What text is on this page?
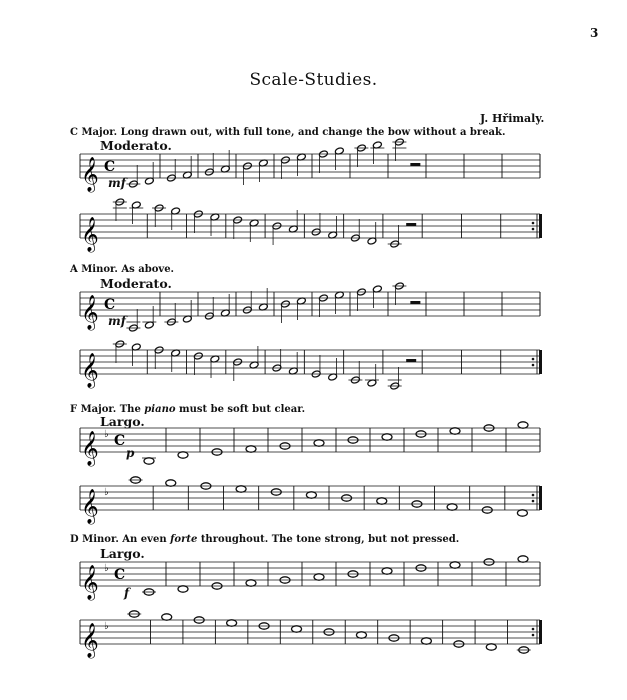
3
Scale-Studies.
J. Hřimaly.
C Major. Long drawn out, with full tone, and change the bow without a break.
Moderato.
mf
𝄞 C
𝄞
A Minor. As above.
Moderato.
mf
𝄞 C
𝄞
F Major. The piano must be soft but clear.
Largo.
p
𝄞 ♭ C
𝄞 ♭
D Minor. An even forte throughout. The tone strong, but not pressed.
Largo.
f
𝄞 ♭ C
𝄞 ♭
